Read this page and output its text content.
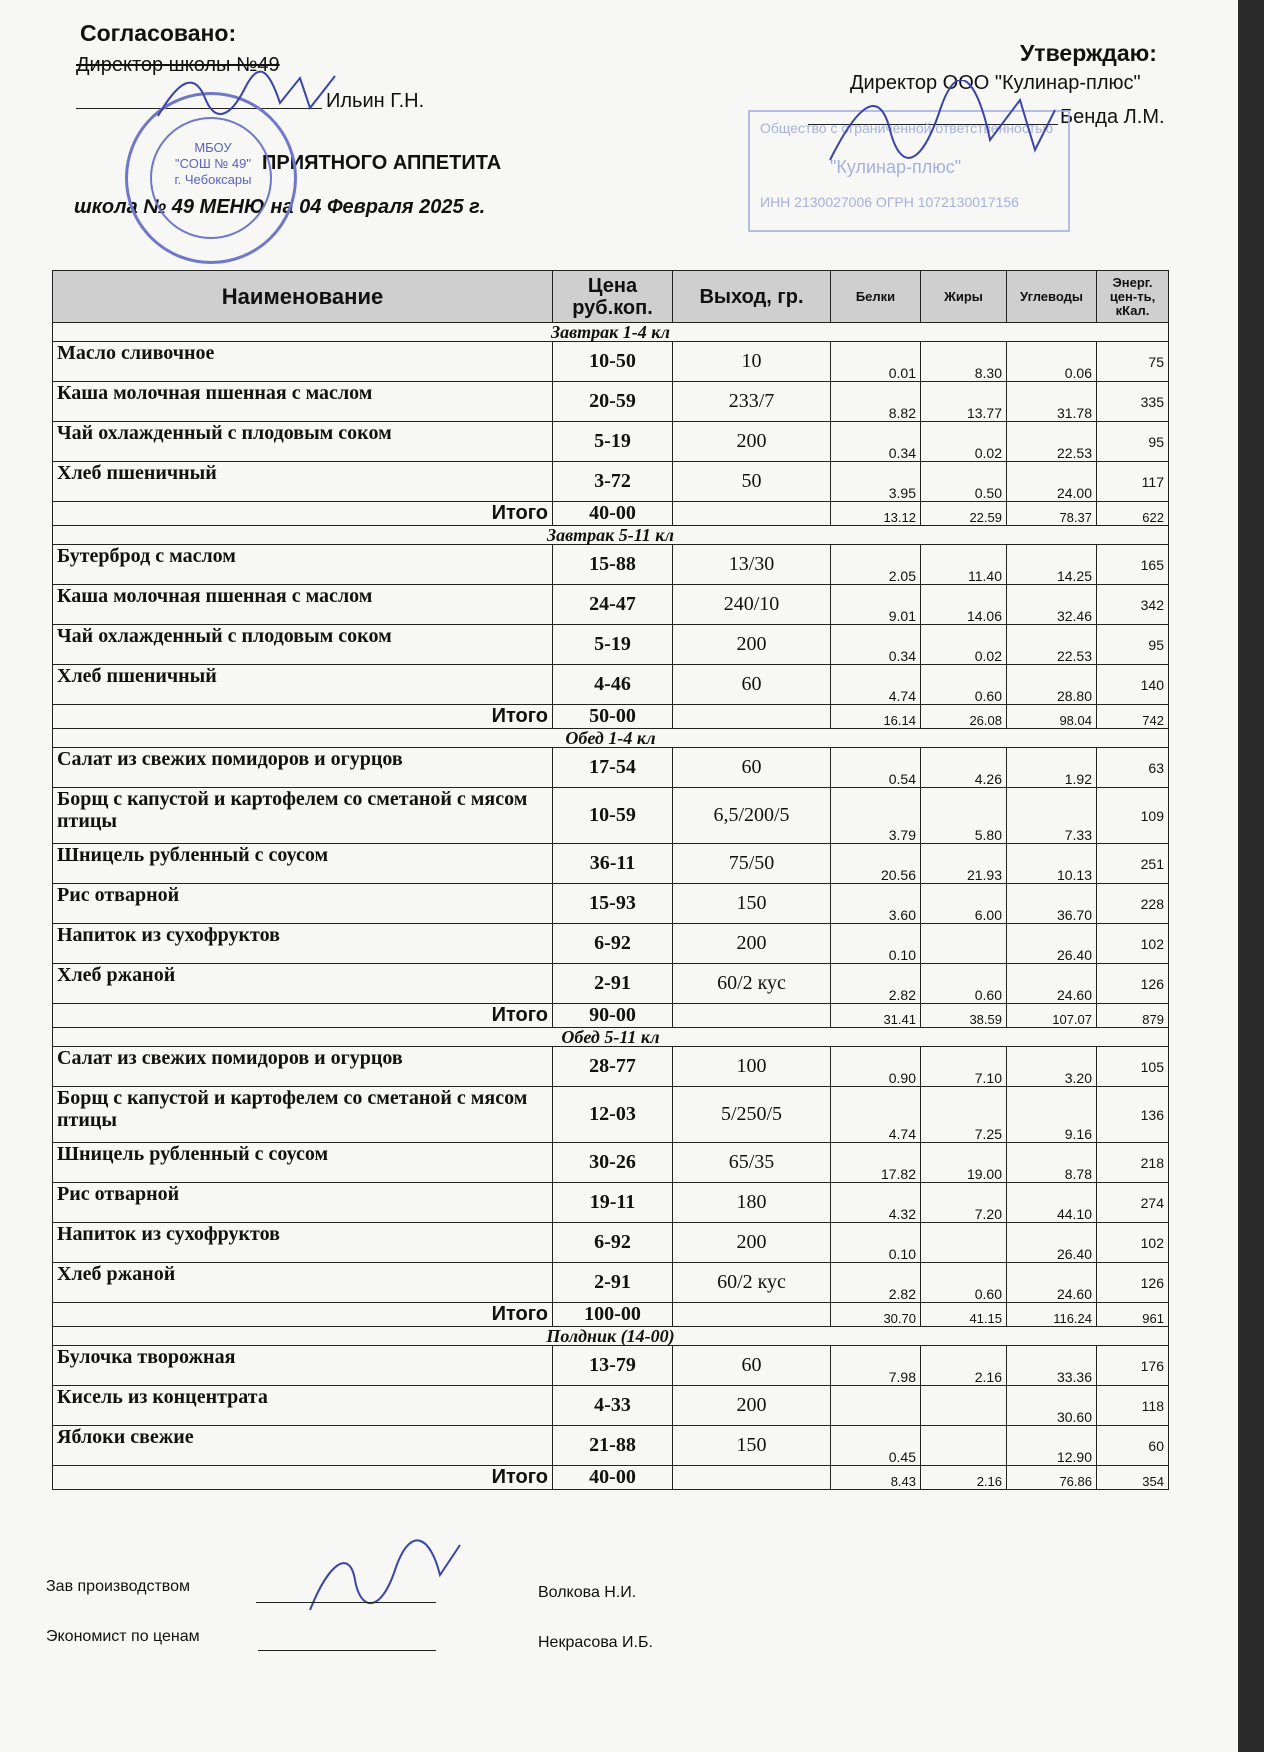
Согласовано:
Директор школы №49
Ильин Г.Н.
ПРИЯТНОГО АППЕТИТА
школа № 49 МЕНЮ на 04 Февраля 2025 г.
МБОУ
"СОШ № 49"
г. Чебоксары
Утверждаю:
Директор ООО "Кулинар-плюс"
Бенда Л.М.
Общество с ограниченной ответственностью
"Кулинар-плюс"
ИНН 2130027006 ОГРН 1072130017156
Наименование	Цена руб.коп.	Выход, гр.	Белки	Жиры	Углеводы	Энерг. цен-ть, кКал.
Завтрак 1-4 кл						
Масло сливочное	10-50	10	0.01	8.30	0.06	75
Каша молочная пшенная с маслом	20-59	233/7	8.82	13.77	31.78	335
Чай охлажденный с плодовым соком	5-19	200	0.34	0.02	22.53	95
Хлеб пшеничный	3-72	50	3.95	0.50	24.00	117
Итого	40-00		13.12	22.59	78.37	622
Завтрак 5-11 кл						
Бутерброд с маслом	15-88	13/30	2.05	11.40	14.25	165
Каша молочная пшенная с маслом	24-47	240/10	9.01	14.06	32.46	342
Чай охлажденный с плодовым соком	5-19	200	0.34	0.02	22.53	95
Хлеб пшеничный	4-46	60	4.74	0.60	28.80	140
Итого	50-00		16.14	26.08	98.04	742
Обед 1-4 кл						
Салат из свежих помидоров и огурцов	17-54	60	0.54	4.26	1.92	63
Борщ с капустой и картофелем со сметаной с мясом птицы	10-59	6,5/200/5	3.79	5.80	7.33	109
Шницель рубленный с соусом	36-11	75/50	20.56	21.93	10.13	251
Рис отварной	15-93	150	3.60	6.00	36.70	228
Напиток из сухофруктов	6-92	200	0.10		26.40	102
Хлеб ржаной	2-91	60/2 кус	2.82	0.60	24.60	126
Итого	90-00		31.41	38.59	107.07	879
Обед 5-11 кл						
Салат из свежих помидоров и огурцов	28-77	100	0.90	7.10	3.20	105
Борщ с капустой и картофелем со сметаной с мясом птицы	12-03	5/250/5	4.74	7.25	9.16	136
Шницель рубленный с соусом	30-26	65/35	17.82	19.00	8.78	218
Рис отварной	19-11	180	4.32	7.20	44.10	274
Напиток из сухофруктов	6-92	200	0.10		26.40	102
Хлеб ржаной	2-91	60/2 кус	2.82	0.60	24.60	126
Итого	100-00		30.70	41.15	116.24	961
Полдник (14-00)						
Булочка творожная	13-79	60	7.98	2.16	33.36	176
Кисель из концентрата	4-33	200			30.60	118
Яблоки свежие	21-88	150	0.45		12.90	60
Итого	40-00		8.43	2.16	76.86	354
Зав производством	Волкова Н.И.
Экономист по ценам	Некрасова И.Б.
